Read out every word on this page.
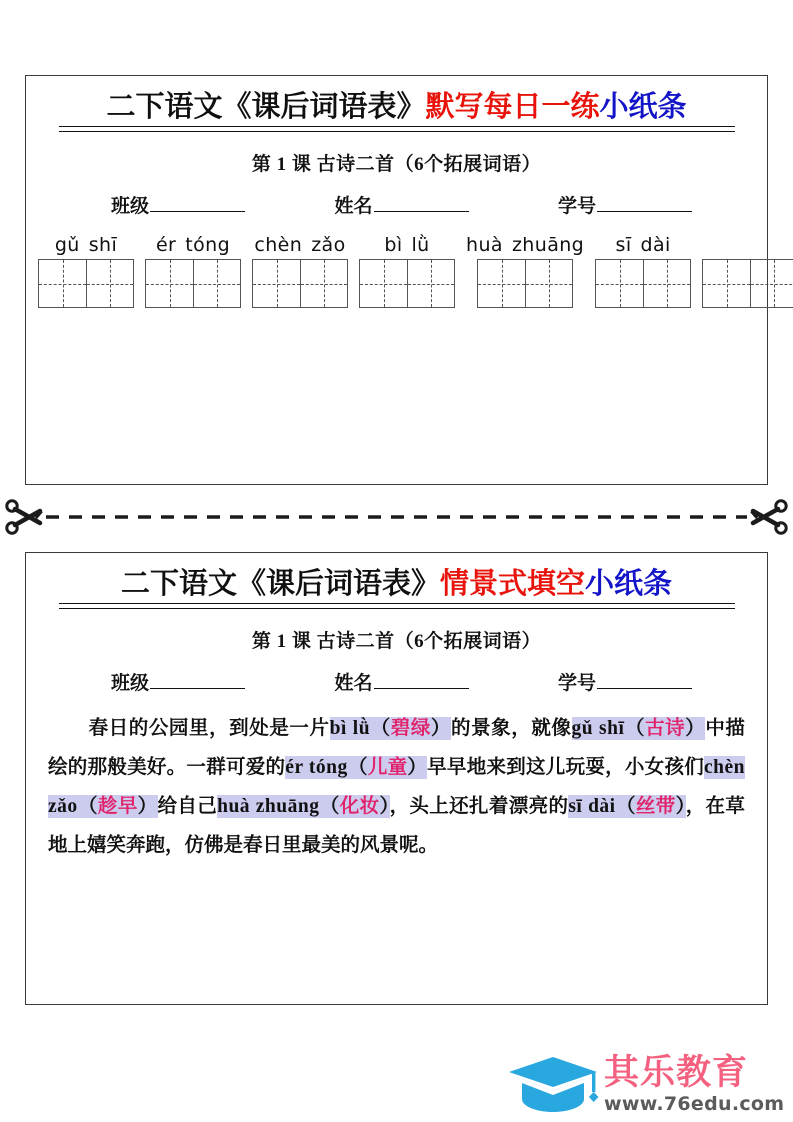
二下语文《课后词语表》默写每日一练小纸条
第 1 课 古诗二首（6个拓展词语）
班级	姓名	学号
gǔ shī ér tóng chèn zǎo bì lǜ huà zhuāng sī dài
二下语文《课后词语表》情景式填空小纸条
第 1 课 古诗二首（6个拓展词语）
班级	姓名	学号
春日的公园里，到处是一片bì lǜ（碧绿）的景象，就像gǔ shī（古诗）中描绘的那般美好。一群可爱的ér tóng（儿童）早早地来到这儿玩耍，小女孩们chèn zǎo（趁早）给自己huà zhuāng（化妆），头上还扎着漂亮的sī dài（丝带），在草地上嬉笑奔跑，仿佛是春日里最美的风景呢。
其乐教育
www.76edu.com
